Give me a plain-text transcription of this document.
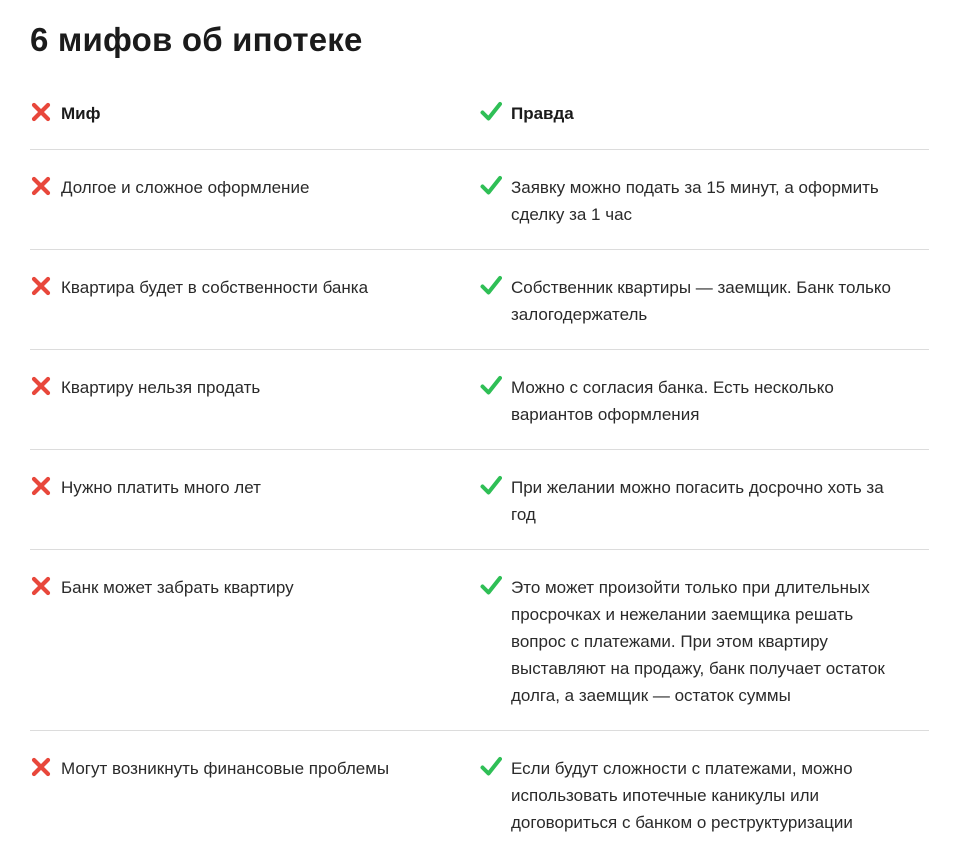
6 мифов об ипотеке
Миф	Правда
Долгое и сложное оформление	Заявку можно подать за 15 минут, а оформить сделку за 1 час
Квартира будет в собственности банка	Собственник квартиры — заемщик. Банк только залогодержатель
Квартиру нельзя продать	Можно с согласия банка. Есть несколько вариантов оформления
Нужно платить много лет	При желании можно погасить досрочно хоть за год
Банк может забрать квартиру	Это может произойти только при длительных просрочках и нежелании заемщика решать вопрос с платежами. При этом квартиру выставляют на продажу, банк получает остаток долга, а заемщик — остаток суммы
Могут возникнуть финансовые проблемы	Если будут сложности с платежами, можно использовать ипотечные каникулы или договориться с банком о реструктуризации
